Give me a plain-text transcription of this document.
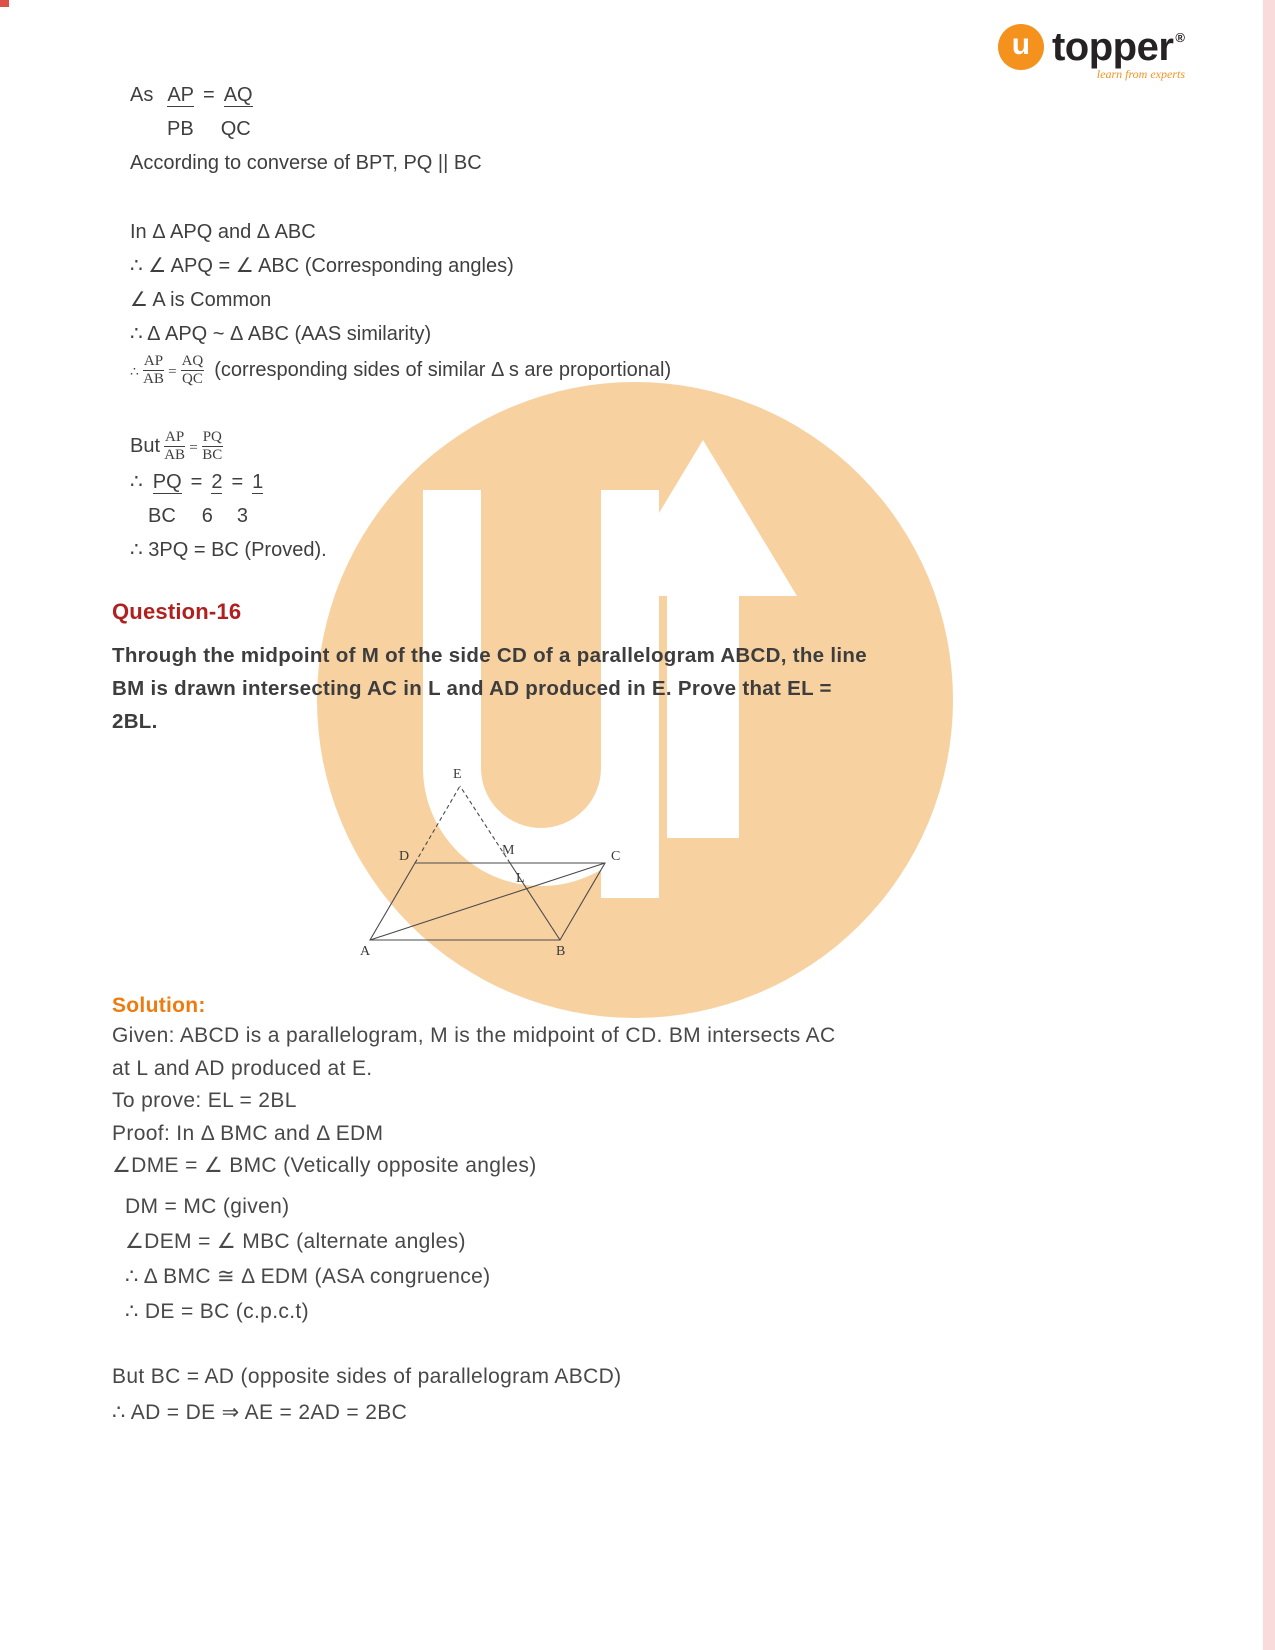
u topper ®
learn from experts

As AP = AQ

PB QC

According to converse of BPT, PQ || BC

In Δ APQ and Δ ABC

∴ ∠ APQ = ∠ ABC (Corresponding angles)

∠ A is Common

∴ Δ APQ ~ Δ ABC (AAS similarity)

∴ $\frac{AP}{AB} = \frac{AQ}{QC}$ (corresponding sides of similar Δ s are proportional)

But $\frac{AP}{AB} = \frac{PQ}{BC}$

∴ PQ = 2 = 1

BC 6 3

∴ 3PQ = BC (Proved).

Question-16

Through the midpoint of M of the side CD of a parallelogram ABCD, the line

BM is drawn intersecting AC in L and AD produced in E. Prove that EL =

2BL.

E
D	M	C
L
A	B
Solution:

Given: ABCD is a parallelogram, M is the midpoint of CD. BM intersects AC

at L and AD produced at E.

To prove: EL = 2BL

Proof: In Δ BMC and Δ EDM

∠DME = ∠ BMC (Vetically opposite angles)

DM = MC (given)

∠DEM = ∠ MBC (alternate angles)

∴ Δ BMC ≅ Δ EDM (ASA congruence)

∴ DE = BC (c.p.c.t)

But BC = AD (opposite sides of parallelogram ABCD)

∴ AD = DE ⇒ AE = 2AD = 2BC
